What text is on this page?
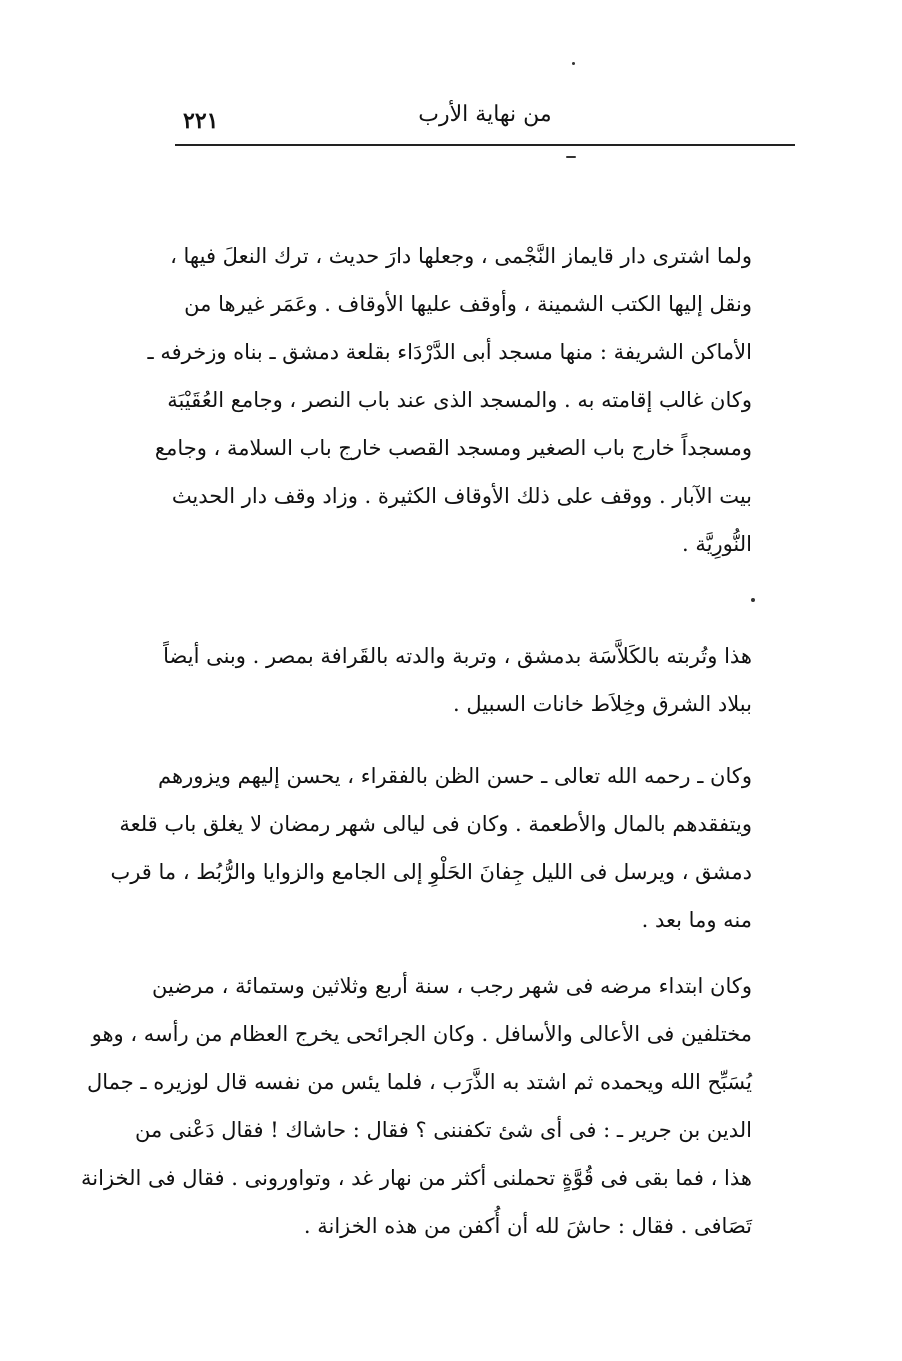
٢٢١	من نهاية الأرب
ولما اشترى دار قايماز النَّجْمى ، وجعلها دارَ حديث ، ترك النعلَ فيها ،
ونقل إليها الكتب الشمينة ، وأوقف عليها الأوقاف . وعَمَر غيرها من
الأماكن الشريفة : منها مسجد أبى الدَّرْدَاء بقلعة دمشق ـ بناه وزخرفه ـ
وكان غالب إقامته به . والمسجد الذى عند باب النصر ، وجامع العُقَيْبَة
ومسجداً خارج باب الصغير ومسجد القصب خارج باب السلامة ، وجامع
بيت الآبار . ووقف على ذلك الأوقاف الكثيرة . وزاد وقف دار الحديث
النُّورِيَّة .
هذا وتُربته بالكَلاَّسَة بدمشق ، وتربة والدته بالقَرافة بمصر . وبنى أيضاً
ببلاد الشرق وخِلاَط خانات السبيل .
وكان ـ رحمه الله تعالى ـ حسن الظن بالفقراء ، يحسن إليهم ويزورهم
ويتفقدهم بالمال والأطعمة . وكان فى ليالى شهر رمضان لا يغلق باب قلعة
دمشق ، ويرسل فى الليل جِفانَ الحَلْوِ إلى الجامع والزوايا والرُّبُط ، ما قرب
منه وما بعد .
وكان ابتداء مرضه فى شهر رجب ، سنة أربع وثلاثين وستمائة ، مرضين
مختلفين فى الأعالى والأسافل . وكان الجرائحى يخرج العظام من رأسه ، وهو
يُسَبِّح الله ويحمده ثم اشتد به الذَّرَب ، فلما يئس من نفسه قال لوزيره ـ جمال
الدين بن جرير ـ : فى أى شئ تكفننى ؟ فقال : حاشاك ! فقال دَعْنى من
هذا ، فما بقى فى قُوَّةٍ تحملنى أكثر من نهار غد ، وتواورونى . فقال فى الخزانة
تَصَافى . فقال : حاشَ لله أن أُكفن من هذه الخزانة .
